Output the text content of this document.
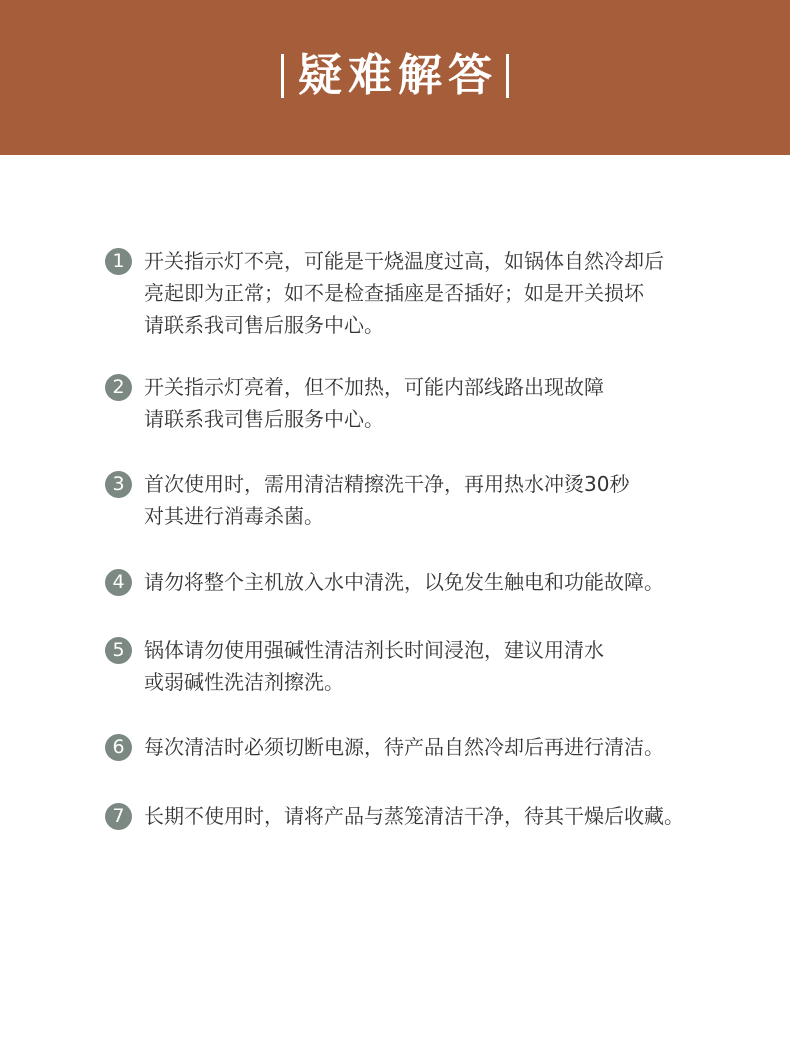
疑难解答
1 开关指示灯不亮，可能是干烧温度过高，如锅体自然冷却后
亮起即为正常；如不是检查插座是否插好；如是开关损坏
请联系我司售后服务中心。
2 开关指示灯亮着，但不加热，可能内部线路出现故障
请联系我司售后服务中心。
3 首次使用时，需用清洁精擦洗干净，再用热水冲烫30秒
对其进行消毒杀菌。
4 请勿将整个主机放入水中清洗，以免发生触电和功能故障。
5 锅体请勿使用强碱性清洁剂长时间浸泡，建议用清水
或弱碱性洗洁剂擦洗。
6 每次清洁时必须切断电源，待产品自然冷却后再进行清洁。
7 长期不使用时，请将产品与蒸笼清洁干净，待其干燥后收藏。
